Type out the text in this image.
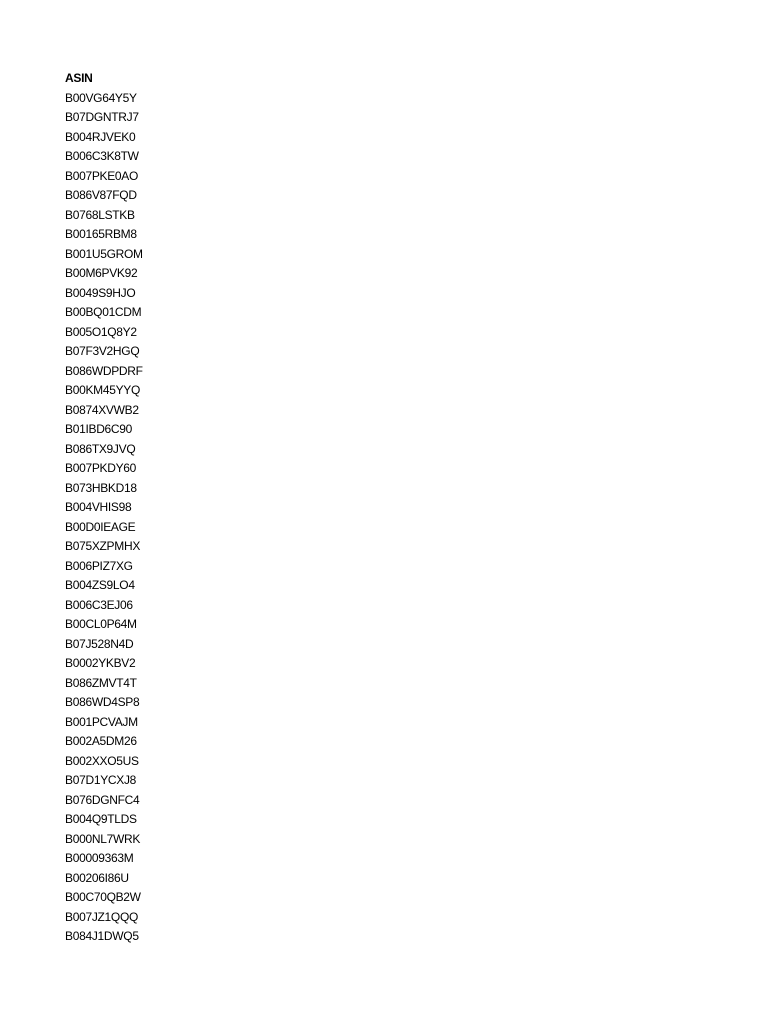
ASIN
B00VG64Y5Y
B07DGNTRJ7
B004RJVEK0
B006C3K8TW
B007PKE0AO
B086V87FQD
B0768LSTKB
B00165RBM8
B001U5GROM
B00M6PVK92
B0049S9HJO
B00BQ01CDM
B005O1Q8Y2
B07F3V2HGQ
B086WDPDRF
B00KM45YYQ
B0874XVWB2
B01IBD6C90
B086TX9JVQ
B007PKDY60
B073HBKD18
B004VHIS98
B00D0IEAGE
B075XZPMHX
B006PIZ7XG
B004ZS9LO4
B006C3EJ06
B00CL0P64M
B07J528N4D
B0002YKBV2
B086ZMVT4T
B086WD4SP8
B001PCVAJM
B002A5DM26
B002XXO5US
B07D1YCXJ8
B076DGNFC4
B004Q9TLDS
B000NL7WRK
B00009363M
B00206I86U
B00C70QB2W
B007JZ1QQQ
B084J1DWQ5
